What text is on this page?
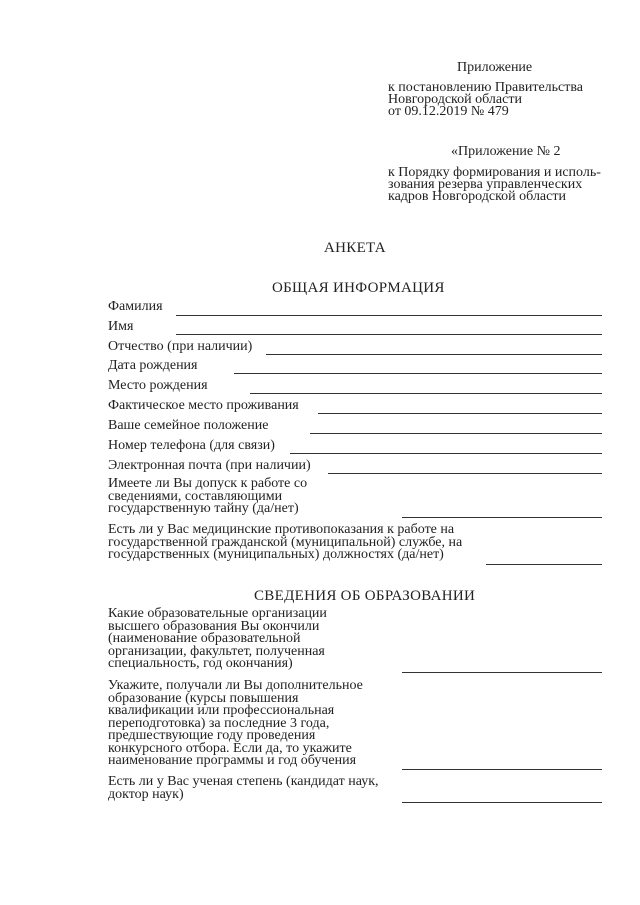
Приложение
к постановлению Правительства
Новгородской области
от 09.12.2019 № 479
«Приложение № 2
к Порядку формирования и исполь-
зования резерва управленческих
кадров Новгородской области
АНКЕТА
ОБЩАЯ ИНФОРМАЦИЯ
Фамилия
Имя
Отчество (при наличии)
Дата рождения
Место рождения
Фактическое место проживания
Ваше семейное положение
Номер телефона (для связи)
Электронная почта (при наличии)
Имеете ли Вы допуск к работе со
сведениями, составляющими
государственную тайну (да/нет)
Есть ли у Вас медицинские противопоказания к работе на
государственной гражданской (муниципальной) службе, на
государственных (муниципальных) должностях (да/нет)
СВЕДЕНИЯ ОБ ОБРАЗОВАНИИ
Какие образовательные организации
высшего образования Вы окончили
(наименование образовательной
организации, факультет, полученная
специальность, год окончания)
Укажите, получали ли Вы дополнительное
образование (курсы повышения
квалификации или профессиональная
переподготовка) за последние 3 года,
предшествующие году проведения
конкурсного отбора. Если да, то укажите
наименование программы и год обучения
Есть ли у Вас ученая степень (кандидат наук,
доктор наук)
